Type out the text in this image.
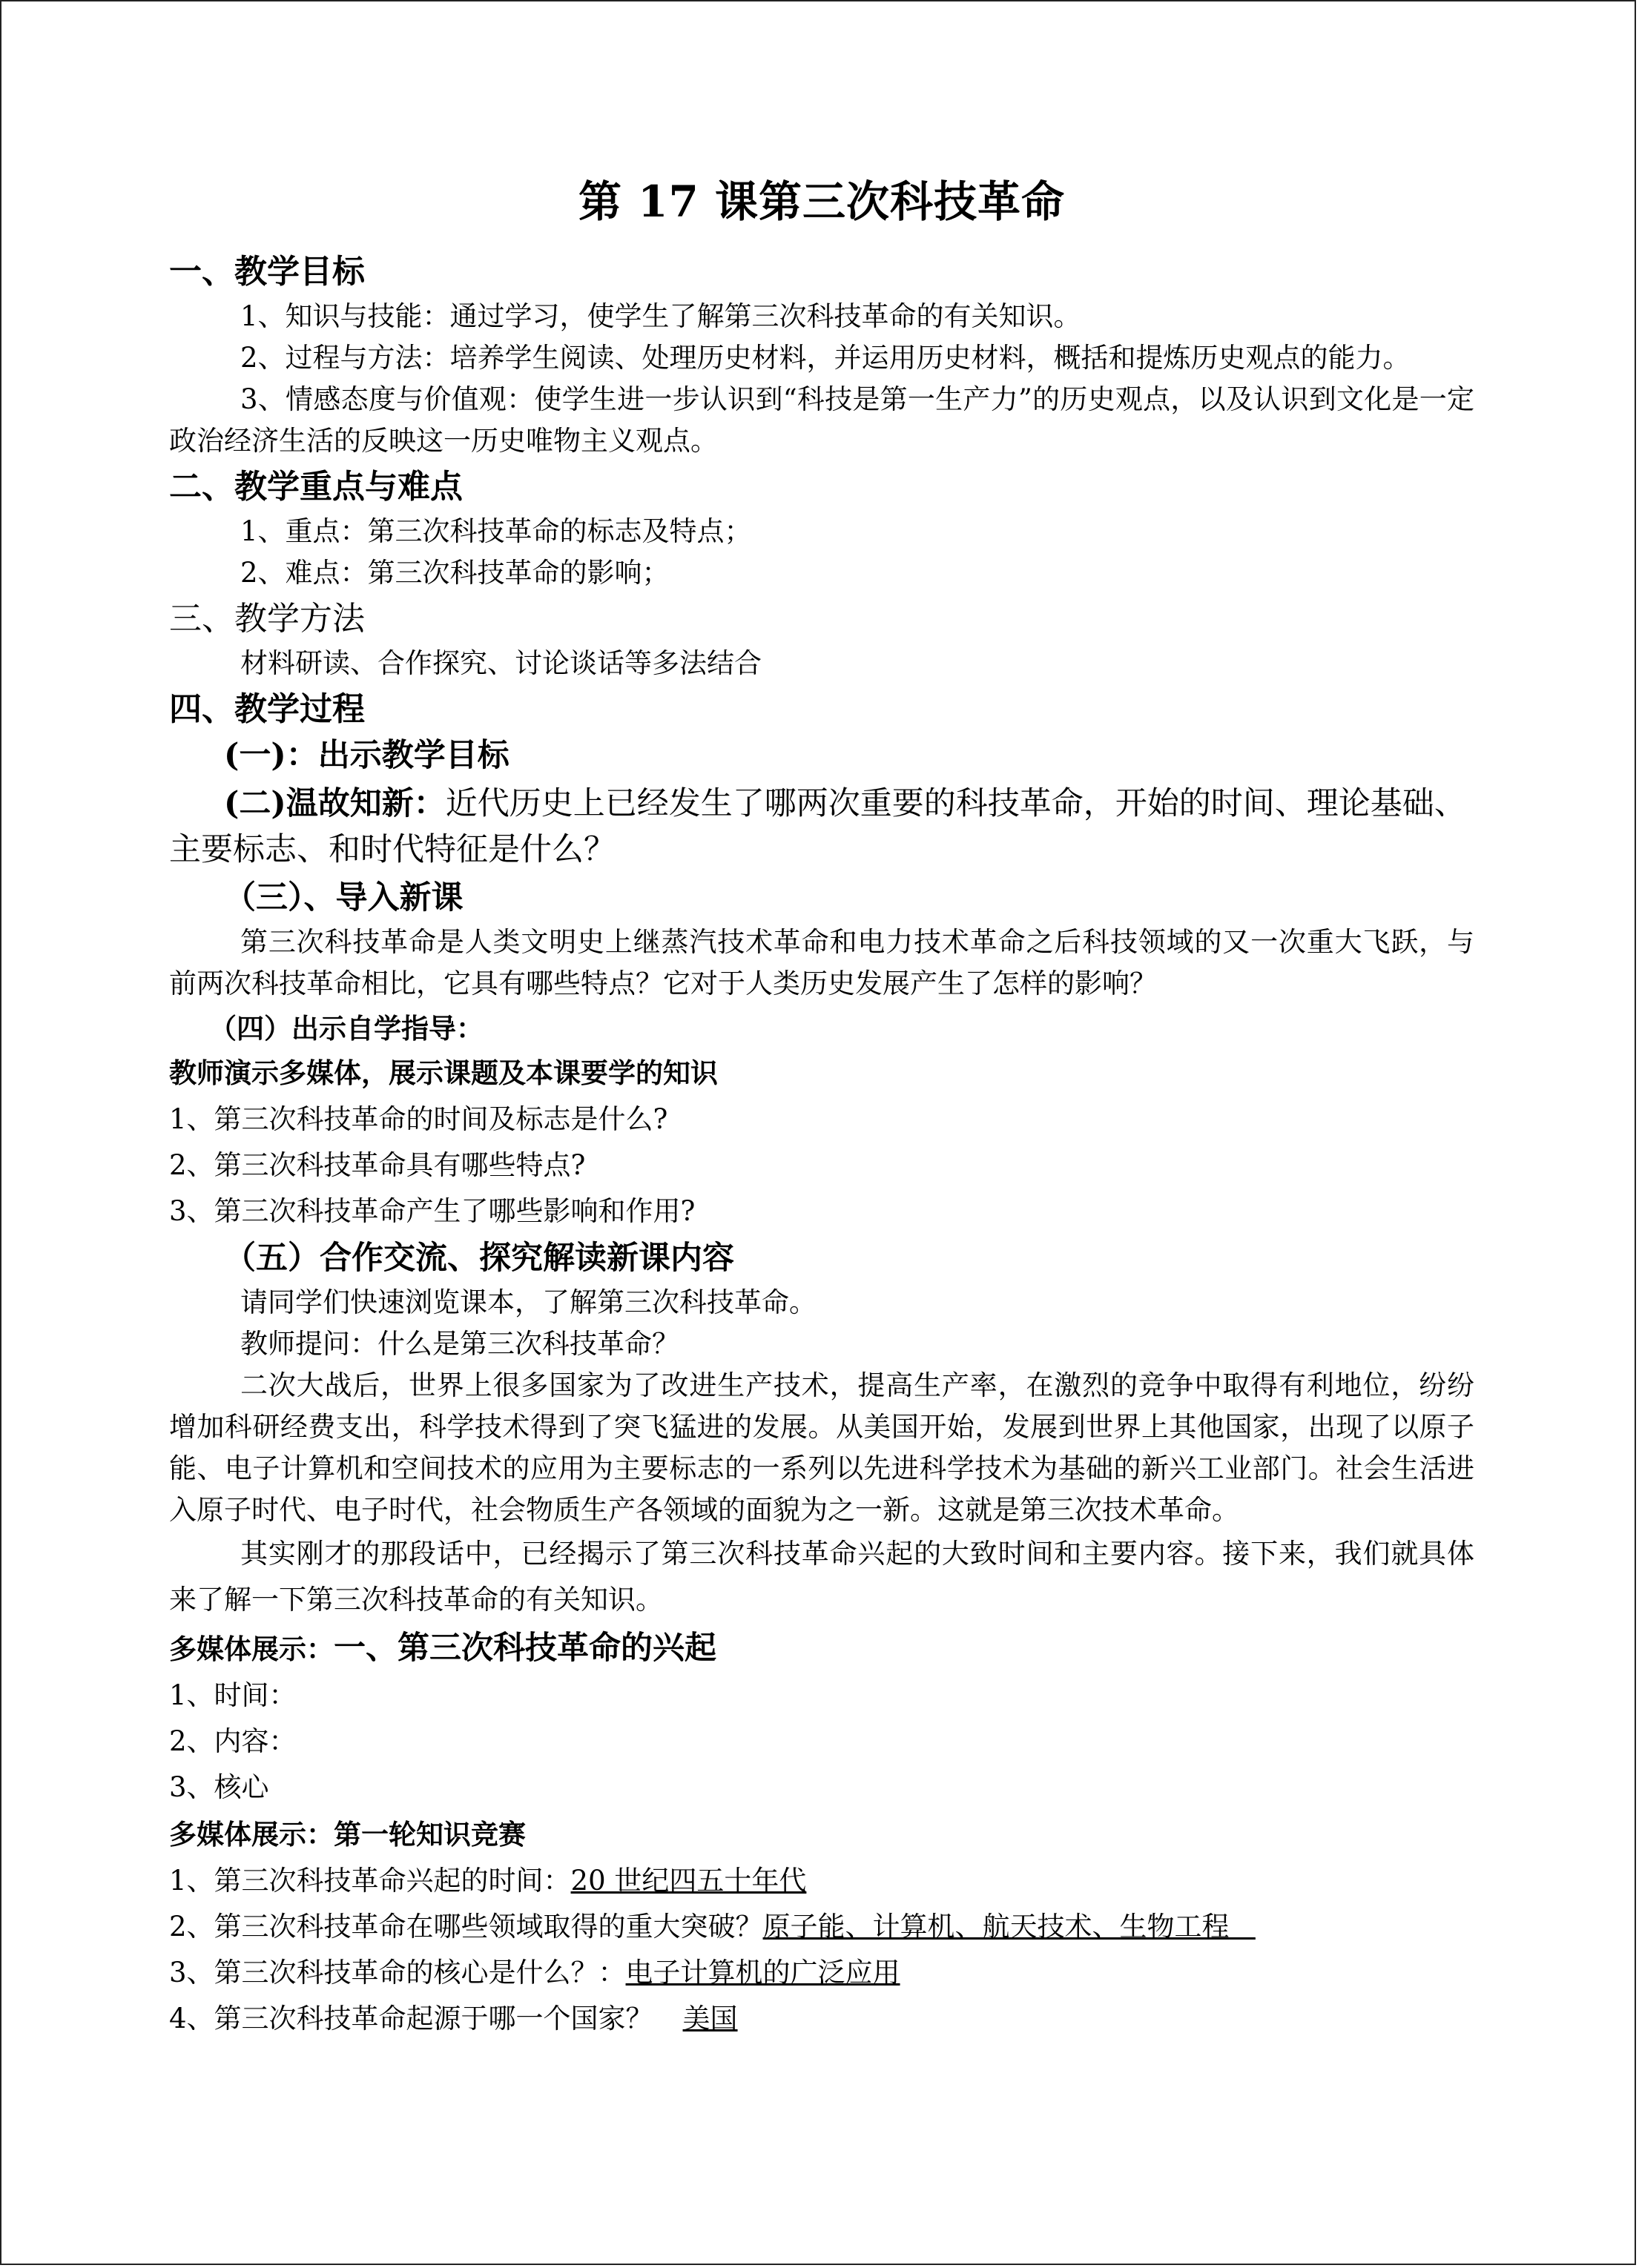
第 17 课第三次科技革命
一、教学目标

1、知识与技能：通过学习，使学生了解第三次科技革命的有关知识。

2、过程与方法：培养学生阅读、处理历史材料，并运用历史材料，概括和提炼历史观点的能力。

3、情感态度与价值观：使学生进一步认识到“科技是第一生产力”的历史观点，以及认识到文化是一定政治经济生活的反映这一历史唯物主义观点。

二、教学重点与难点

1、重点：第三次科技革命的标志及特点；

2、难点：第三次科技革命的影响；

三、教学方法

材料研读、合作探究、讨论谈话等多法结合

四、教学过程
(一)：出示教学目标

(二)温故知新：近代历史上已经发生了哪两次重要的科技革命，开始的时间、理论基础、主要标志、和时代特征是什么？

（三）、导入新课

第三次科技革命是人类文明史上继蒸汽技术革命和电力技术革命之后科技领域的又一次重大飞跃，与前两次科技革命相比，它具有哪些特点？它对于人类历史发展产生了怎样的影响？

（四）出示自学指导：
教师演示多媒体，展示课题及本课要学的知识

1、第三次科技革命的时间及标志是什么?

2、第三次科技革命具有哪些特点?

3、第三次科技革命产生了哪些影响和作用?

（五）合作交流、探究解读新课内容

请同学们快速浏览课本，了解第三次科技革命。

教师提问：什么是第三次科技革命？

二次大战后，世界上很多国家为了改进生产技术，提高生产率，在激烈的竞争中取得有利地位，纷纷增加科研经费支出，科学技术得到了突飞猛进的发展。从美国开始，发展到世界上其他国家，出现了以原子能、电子计算机和空间技术的应用为主要标志的一系列以先进科学技术为基础的新兴工业部门。社会生活进入原子时代、电子时代，社会物质生产各领域的面貌为之一新。这就是第三次技术革命。

其实刚才的那段话中，已经揭示了第三次科技革命兴起的大致时间和主要内容。接下来，我们就具体来了解一下第三次科技革命的有关知识。

多媒体展示：一、第三次科技革命的兴起

1、时间：

2、内容：

3、核心

多媒体展示：第一轮知识竞赛

1、第三次科技革命兴起的时间：20 世纪四五十年代

2、第三次科技革命在哪些领域取得的重大突破？原子能、计算机、航天技术、生物工程

3、第三次科技革命的核心是什么？：电子计算机的广泛应用

4、第三次科技革命起源于哪一个国家？ 美国
